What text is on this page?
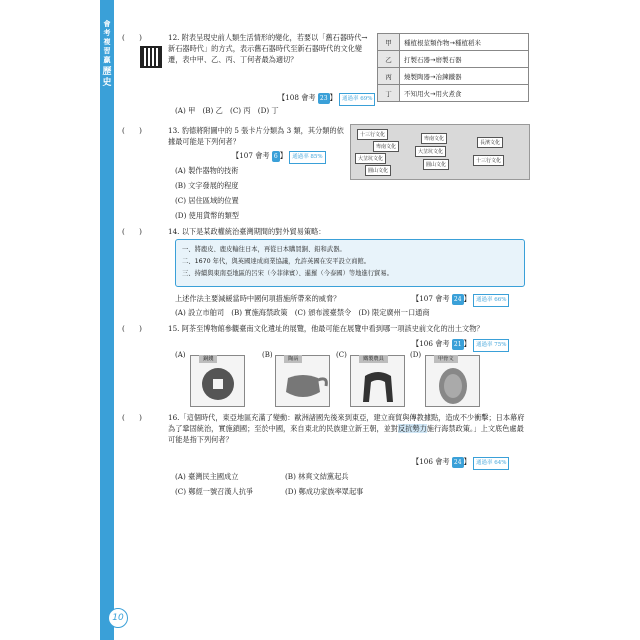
會考複習贏
歷史
(　　)	12. 附表呈現史前人類生活情形的變化，若要以「舊石器時代→新石器時代」的方式，表示舊石器時代至新石器時代的文化變遷，表中甲、乙、丙、丁何者最為適切？
(A) 甲　(B) 乙　(C) 丙　(D) 丁
【108 會考 23 】 通過率 69%
甲	種植根莖類作物→種植稻米
乙	打製石器→磨製石器
丙	燒製陶器→冶鍊鐵器
丁	不知用火→用火煮食
(　　)	13. 豹德將附圖中的 5 張卡片分類為 3 類，其分類的依據最可能是下列何者？
【107 會考 6 】 通過率 85%
(A) 製作器物的技術
(B) 文字發展的程度
(C) 居住區域的位置
(D) 使用貨幣的類型
十三行文化
卑南文化
大坌坑文化
圓山文化
卑南文化
大坌坑文化
圓山文化
長濱文化
十三行文化
(　　)	14. 以下是某政權統治臺灣期間的對外貿易策略：
一、將鹿皮、鹿皮輸往日本，再從日本購買銅、鉛和武器。
二、1670 年代，與英國達成商業協議，允許英國在安平設立商館。
三、持續與東南亞地區的呂宋（今菲律賓）、暹羅（今泰國）等地進行貿易。
上述作法主要減緩當時中國何項措施所帶來的威脅？	【107 會考 24 】 通過率 66%
(A) 設立市舶司　(B) 實施海禁政策　(C) 頒布渡臺禁令　(D) 限定廣州一口通商
(　　)	15. 阿茶至博物館參觀臺南文化遺址的展覽，他最可能在展覽中看到哪一項該史前文化的出土文物？
【106 會考 21 】 通過率 75%
(A)	銅錢	(B)	陶鬲	(C)	鐵製農具	(D)	甲骨文
(　　)	16.「這個時代，東亞地區充滿了變動：歐洲諸國先後來到東亞，建立商貿與傳教據點，造成不少衝擊；日本幕府為了鞏固統治，實施鎖國；至於中國，來自東北的民族建立新王朝，並對反抗勢力施行海禁政策。」上文底色處最可能是指下列何者？
【106 會考 24 】 通過率 64%
(A) 臺灣民主國成立	(B) 林爽文結黨起兵
(C) 鄭經一號召漢人抗爭	(D) 鄭成功家族率眾起事
10
